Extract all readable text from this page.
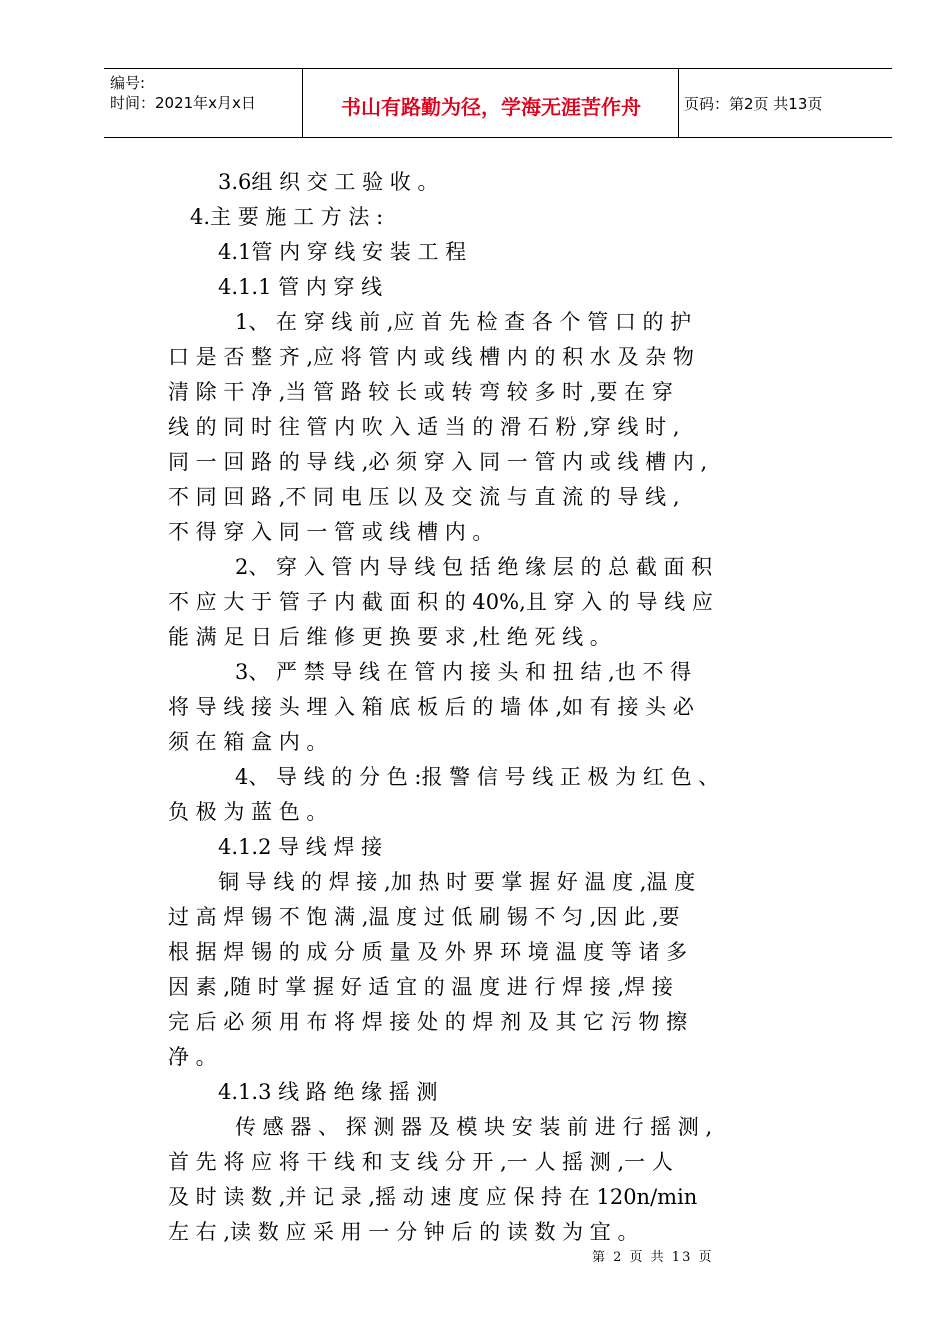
编号:
时间：2021年x月x日	书山有路勤为径，学海无涯苦作舟	页码：第2页 共13页
3.6组 织 交 工 验 收 。
4.主 要 施 工 方 法 :
4.1管 内 穿 线 安 装 工 程
4.1.1 管 内 穿 线
1、 在 穿 线 前 ,应 首 先 检 查 各 个 管 口 的 护
口 是 否 整 齐 ,应 将 管 内 或 线 槽 内 的 积 水 及 杂 物
清 除 干 净 ,当 管 路 较 长 或 转 弯 较 多 时 ,要 在 穿
线 的 同 时 往 管 内 吹 入 适 当 的 滑 石 粉 ,穿 线 时 ,
同 一 回 路 的 导 线 ,必 须 穿 入 同 一 管 内 或 线 槽 内 ,
不 同 回 路 ,不 同 电 压 以 及 交 流 与 直 流 的 导 线 ,
不 得 穿 入 同 一 管 或 线 槽 内 。
2、 穿 入 管 内 导 线 包 括 绝 缘 层 的 总 截 面 积
不 应 大 于 管 子 内 截 面 积 的 40%,且 穿 入 的 导 线 应
能 满 足 日 后 维 修 更 换 要 求 ,杜 绝 死 线 。
3、 严 禁 导 线 在 管 内 接 头 和 扭 结 ,也 不 得
将 导 线 接 头 埋 入 箱 底 板 后 的 墙 体 ,如 有 接 头 必
须 在 箱 盒 内 。
4、 导 线 的 分 色 :报 警 信 号 线 正 极 为 红 色 、
负 极 为 蓝 色 。
4.1.2 导 线 焊 接
铜 导 线 的 焊 接 ,加 热 时 要 掌 握 好 温 度 ,温 度
过 高 焊 锡 不 饱 满 ,温 度 过 低 刷 锡 不 匀 ,因 此 ,要
根 据 焊 锡 的 成 分 质 量 及 外 界 环 境 温 度 等 诸 多
因 素 ,随 时 掌 握 好 适 宜 的 温 度 进 行 焊 接 ,焊 接
完 后 必 须 用 布 将 焊 接 处 的 焊 剂 及 其 它 污 物 擦
净 。
4.1.3 线 路 绝 缘 摇 测
传 感 器 、 探 测 器 及 模 块 安 装 前 进 行 摇 测 ,
首 先 将 应 将 干 线 和 支 线 分 开 ,一 人 摇 测 ,一 人
及 时 读 数 ,并 记 录 ,摇 动 速 度 应 保 持 在 120n/min
左 右 ,读 数 应 采 用 一 分 钟 后 的 读 数 为 宜 。
第 2 页 共 13 页
